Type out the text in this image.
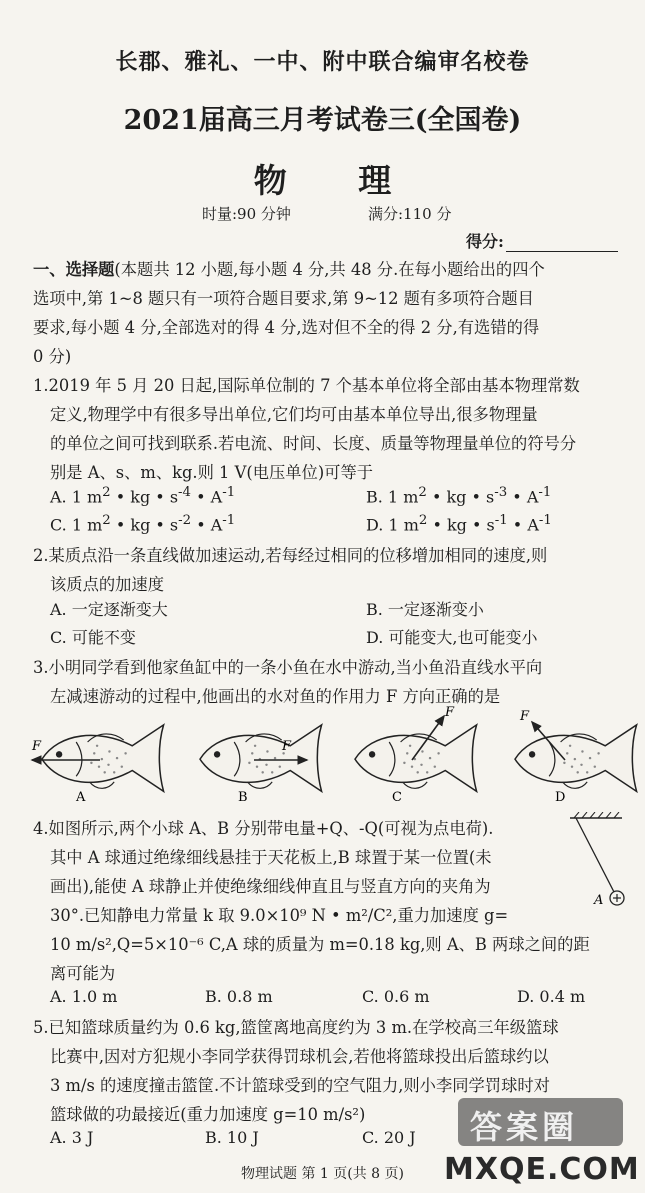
长郡、雅礼、一中、附中联合编审名校卷
2021届高三月考试卷三(全国卷)
物 理
时量:90 分钟	满分:110 分
得分:
一、选择题(本题共 12 小题,每小题 4 分,共 48 分.在每小题给出的四个
选项中,第 1~8 题只有一项符合题目要求,第 9~12 题有多项符合题目
要求,每小题 4 分,全部选对的得 4 分,选对但不全的得 2 分,有选错的得
0 分)
1.2019 年 5 月 20 日起,国际单位制的 7 个基本单位将全部由基本物理常数
定义,物理学中有很多导出单位,它们均可由基本单位导出,很多物理量
的单位之间可找到联系.若电流、时间、长度、质量等物理量单位的符号分
别是 A、s、m、kg.则 1 V(电压单位)可等于
A. 1 $m^2$ • kg • $s^{-4}$ • $A^{-1}$	B. 1 $m^2$ • kg • $s^{-3}$ • $A^{-1}$
C. 1 $m^2$ • kg • $s^{-2}$ • $A^{-1}$	D. 1 $m^2$ • kg • $s^{-1}$ • $A^{-1}$
2.某质点沿一条直线做加速运动,若每经过相同的位移增加相同的速度,则
该质点的加速度
A. 一定逐渐变大	B. 一定逐渐变小
C. 可能不变	D. 可能变大,也可能变小
3.小明同学看到他家鱼缸中的一条小鱼在水中游动,当小鱼沿直线水平向
左减速游动的过程中,他画出的水对鱼的作用力 F 方向正确的是
F
A
F
B
F
C
F
D
4.如图所示,两个小球 A、B 分别带电量+Q、-Q(可视为点电荷).
其中 A 球通过绝缘细线悬挂于天花板上,B 球置于某一位置(未
画出),能使 A 球静止并使绝缘细线伸直且与竖直方向的夹角为
30°.已知静电力常量 k 取 9.0×10⁹ N • m²/C²,重力加速度 g=
10 m/s²,Q=5×10⁻⁶ C,A 球的质量为 m=0.18 kg,则 A、B 两球之间的距
离可能为
A
A. 1.0 m	B. 0.8 m	C. 0.6 m	D. 0.4 m
5.已知篮球质量约为 0.6 kg,篮筐离地高度约为 3 m.在学校高三年级篮球
比赛中,因对方犯规小李同学获得罚球机会,若他将篮球投出后篮球约以
3 m/s 的速度撞击篮筐.不计篮球受到的空气阻力,则小李同学罚球时对
篮球做的功最接近(重力加速度 g=10 m/s²)
A. 3 J	B. 10 J	C. 20 J
物理试题 第 1 页(共 8 页)
答案圈
MXQE.COM
